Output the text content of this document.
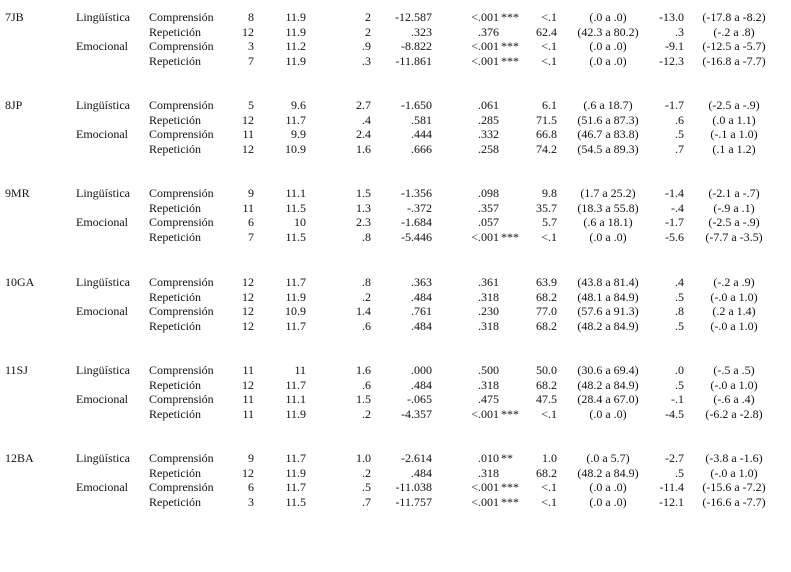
7JB	Lingüística Comprensión	8	11.9	2	-12.587	<.001 ***	<.1	(.0 a .0)	-13.0	(-17.8 a -8.2)
Repetición	12	11.9	2	.323	.376	62.4	(42.3 a 80.2)	.3	(-.2 a .8)
Emocional Comprensión	3	11.2	.9	-8.822	<.001 ***	<.1	(.0 a .0)	-9.1	(-12.5 a -5.7)
Repetición	7	11.9	.3	-11.861	<.001 ***	<.1	(.0 a .0)	-12.3	(-16.8 a -7.7)
8JP	Lingüística Comprensión	5	9.6	2.7	-1.650	.061	6.1	(.6 a 18.7)	-1.7	(-2.5 a -.9)
Repetición	12	11.7	.4	.581	.285	71.5	(51.6 a 87.3)	.6	(.0 a 1.1)
Emocional Comprensión	11	9.9	2.4	.444	.332	66.8	(46.7 a 83.8)	.5	(-.1 a 1.0)
Repetición	12	10.9	1.6	.666	.258	74.2	(54.5 a 89.3)	.7	(.1 a 1.2)
9MR	Lingüística Comprensión	9	11.1	1.5	-1.356	.098	9.8	(1.7 a 25.2)	-1.4	(-2.1 a -.7)
Repetición	11	11.5	1.3	-.372	.357	35.7	(18.3 a 55.8)	-.4	(-.9 a .1)
Emocional Comprensión	6	10	2.3	-1.684	.057	5.7	(.6 a 18.1)	-1.7	(-2.5 a -.9)
Repetición	7	11.5	.8	-5.446	<.001 ***	<.1	(.0 a .0)	-5.6	(-7.7 a -3.5)
10GA	Lingüística Comprensión	12	11.7	.8	.363	.361	63.9	(43.8 a 81.4)	.4	(-.2 a .9)
Repetición	12	11.9	.2	.484	.318	68.2	(48.1 a 84.9)	.5	(-.0 a 1.0)
Emocional Comprensión	12	10.9	1.4	.761	.230	77.0	(57.6 a 91.3)	.8	(.2 a 1.4)
Repetición	12	11.7	.6	.484	.318	68.2	(48.2 a 84.9)	.5	(-.0 a 1.0)
11SJ	Lingüística Comprensión	11	11	1.6	.000	.500	50.0	(30.6 a 69.4)	.0	(-.5 a .5)
Repetición	12	11.7	.6	.484	.318	68.2	(48.2 a 84.9)	.5	(-.0 a 1.0)
Emocional Comprensión	11	11.1	1.5	-.065	.475	47.5	(28.4 a 67.0)	-.1	(-.6 a .4)
Repetición	11	11.9	.2	-4.357	<.001 ***	<.1	(.0 a .0)	-4.5	(-6.2 a -2.8)
12BA	Lingüística Comprensión	9	11.7	1.0	-2.614	.010 **	1.0	(.0 a 5.7)	-2.7	(-3.8 a -1.6)
Repetición	12	11.9	.2	.484	.318	68.2	(48.2 a 84.9)	.5	(-.0 a 1.0)
Emocional Comprensión	6	11.7	.5	-11.038	<.001 ***	<.1	(.0 a .0)	-11.4	(-15.6 a -7.2)
Repetición	3	11.5	.7	-11.757	<.001 ***	<.1	(.0 a .0)	-12.1	(-16.6 a -7.7)
